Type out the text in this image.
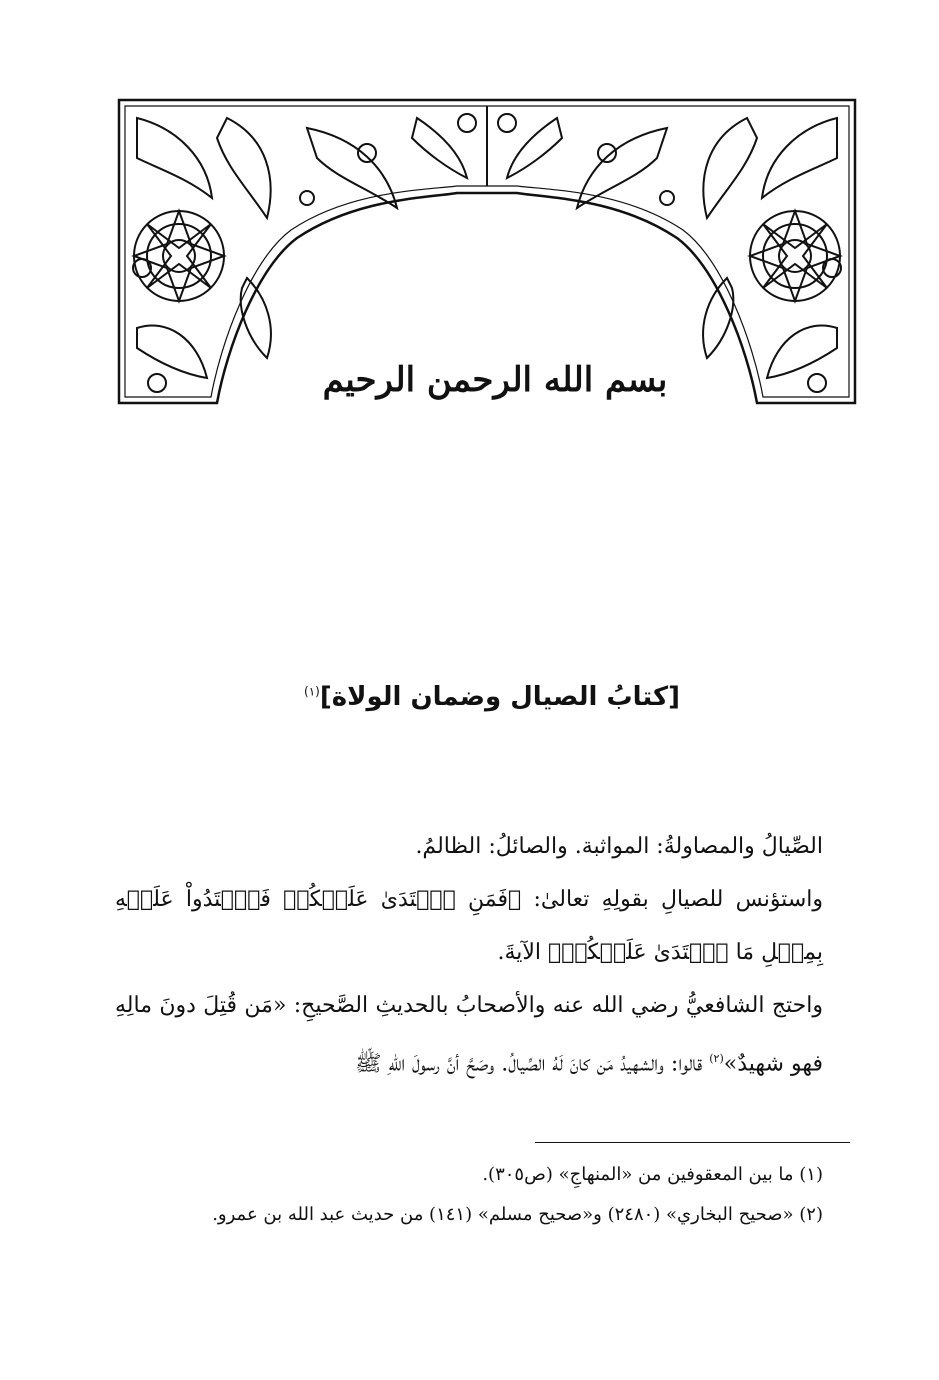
بسم الله الرحمن الرحيم
[كتابُ الصيال وضمان الولاة]$^{(١)}$

الصِّيالُ والمصاولةُ: المواثبة. والصائلُ: الظالمُ.

واستؤنس للصيالِ بقولِهِ تعالىٰ: ﴿فَمَنِ ٱعۡتَدَىٰ عَلَيۡكُمۡ فَٱعۡتَدُواْ عَلَيۡهِ بِمِثۡلِ مَا ٱعۡتَدَىٰ عَلَيۡكُمۡ﴾ الآيةَ.

واحتج الشافعيُّ رضي الله عنه والأصحابُ بالحديثِ الصَّحيحِ: «مَن قُتِلَ دونَ مالِهِ فهو شهيدٌ»$^{(٢)}$ قالوا: والشهيدُ مَن كانَ لَهُ الصِّيالُ. وصَحَّ أنَّ رسولَ اللهِ ﷺ

(١) ما بين المعقوفين من «المنهاجِ» (ص٣٠٥).

(٢) «صحيح البخاري» (٢٤٨٠) و«صحيح مسلم» (١٤١) من حديث عبد الله بن عمرو.
